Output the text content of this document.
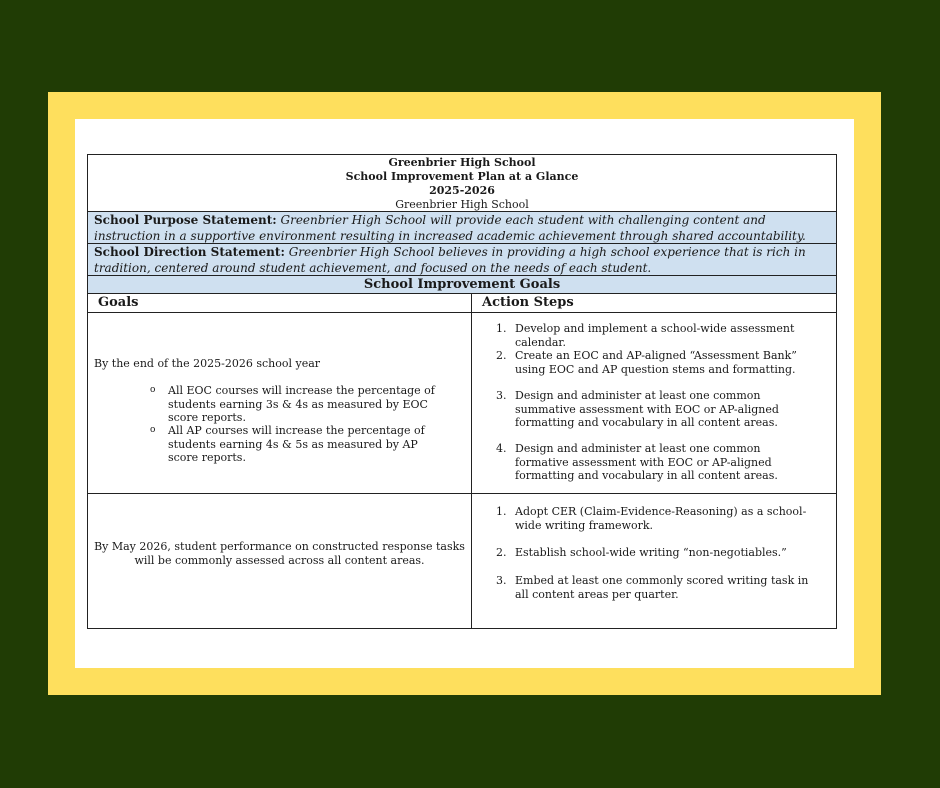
Greenbrier High School
School Improvement Plan at a Glance
2025-2026
Greenbrier High School
School Purpose Statement: Greenbrier High School will provide each student with challenging content and instruction in a supportive environment resulting in increased academic achievement through shared accountability.
School Direction Statement: Greenbrier High School believes in providing a high school experience that is rich in tradition, centered around student achievement, and focused on the needs of each student.
School Improvement Goals
Goals	Action Steps
By the end of the 2025-2026 school year
o All EOC courses will increase the percentage of students earning 3s & 4s as measured by EOC score reports.
o All AP courses will increase the percentage of students earning 4s & 5s as measured by AP score reports.
1. Develop and implement a school-wide assessment calendar.
2. Create an EOC and AP-aligned “Assessment Bank” using EOC and AP question stems and formatting.
3. Design and administer at least one common summative assessment with EOC or AP-aligned formatting and vocabulary in all content areas.
4. Design and administer at least one common formative assessment with EOC or AP-aligned formatting and vocabulary in all content areas.
By May 2026, student performance on constructed response tasks will be commonly assessed across all content areas.
1. Adopt CER (Claim-Evidence-Reasoning) as a school-wide writing framework.
2. Establish school-wide writing “non-negotiables.”
3. Embed at least one commonly scored writing task in all content areas per quarter.
